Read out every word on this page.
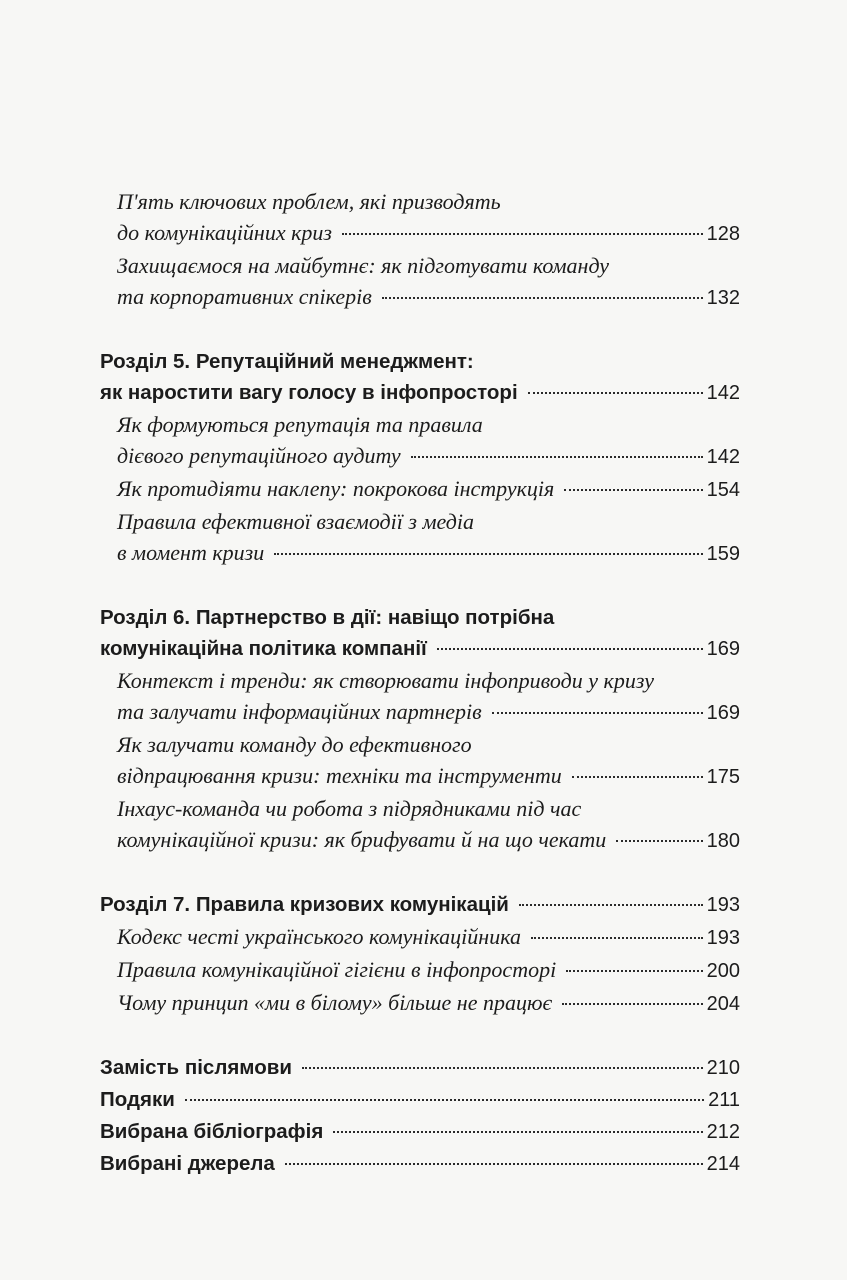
П'ять ключових проблем, які призводять
до комунікаційних криз	128
Захищаємося на майбутнє: як підготувати команду
та корпоративних спікерів	132
Розділ 5. Репутаційний менеджмент:
як наростити вагу голосу в інфопросторі	142
Як формуються репутація та правила
дієвого репутаційного аудиту	142
Як протидіяти наклепу: покрокова інструкція	154
Правила ефективної взаємодії з медіа
в момент кризи	159
Розділ 6. Партнерство в дії: навіщо потрібна
комунікаційна політика компанії	169
Контекст і тренди: як створювати інфоприводи у кризу
та залучати інформаційних партнерів	169
Як залучати команду до ефективного
відпрацювання кризи: техніки та інструменти	175
Інхаус-команда чи робота з підрядниками під час
комунікаційної кризи: як брифувати й на що чекати	180
Розділ 7. Правила кризових комунікацій	193
Кодекс честі українського комунікаційника	193
Правила комунікаційної гігієни в інфопросторі	200
Чому принцип «ми в білому» більше не працює	204
Замість післямови	210
Подяки	211
Вибрана бібліографія	212
Вибрані джерела	214
